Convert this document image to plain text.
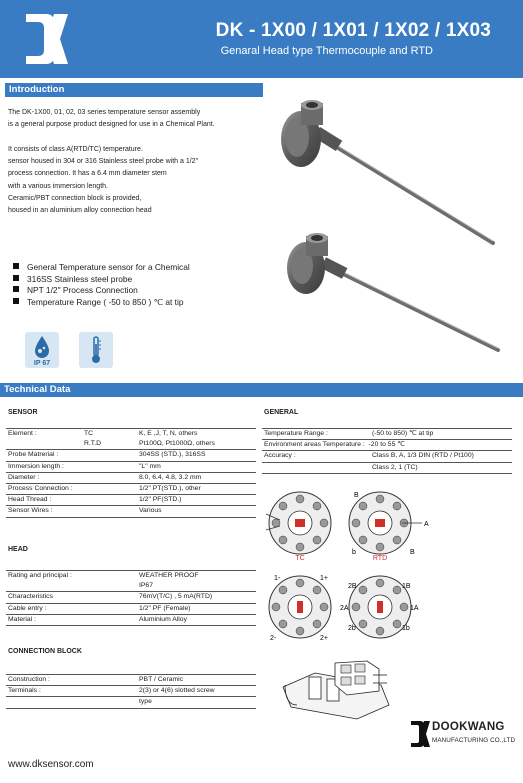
DK - 1X00 / 1X01 / 1X02 / 1X03
Genaral Head type Thermocouple and RTD
Introduction

The DK-1X00, 01, 02, 03 series temperature sensor assembly

is a general purpose product designed for use in a Chemical Plant.

It consists of class A(RTD/TC) temperature.

sensor housed in 304 or 316 Stainless steel probe with a 1/2"

process connection. It has a 6.4 mm diameter stem

with a various immersion length.

Ceramic/PBT connection block is provided,

housed in an aluminium alloy connection head

General Temperature sensor for a Chemical
316SS Stainless steel probe
NPT 1/2" Process Connection
Temperature Range ( -50 to 850 ) ℃ at tip
IP 67
Technical Data
SENSOR
Element :	TC	K, E ,J, T, N, others
	R.T.D	Pt100Ω, Pt1000Ω, others
Probe Matrerial :		304SS (STD.), 316SS
Immersion length :		"L" mm
Diameter :		8.0, 6.4, 4.8, 3.2 mm
Process Connection :		1/2" PT(STD.), other
Head Thread :		1/2" PF(STD.)
Sensor Wires :		Various
HEAD
Rating and principal :	WEATHER PROOF
	IP67
Characteristics	76mV(T/C) , 5 mA(RTD)
Cable entry :	1/2" PF (Female)
Material :	Aluminium Alloy
CONNECTION BLOCK
Construction :	PBT / Ceramic
Terminals :	2(3) or 4(6) slotted screw
	type
GENERAL
Temperature Range :	(-50 to 850) ℃ at tip
Environment areas Temperature : -20 to 55 ℃	
Accuracy :	Class B, A, 1/3 DIN (RTD / Pt100)
	Class 2, 1 (TC)
TC
B
A
b	B
RTD
1-	1+
2-	2+
2B	1B
2A	1A
2b	1b
DOOKWANG
MANUFACTURING CO.,LTD
www.dksensor.com
